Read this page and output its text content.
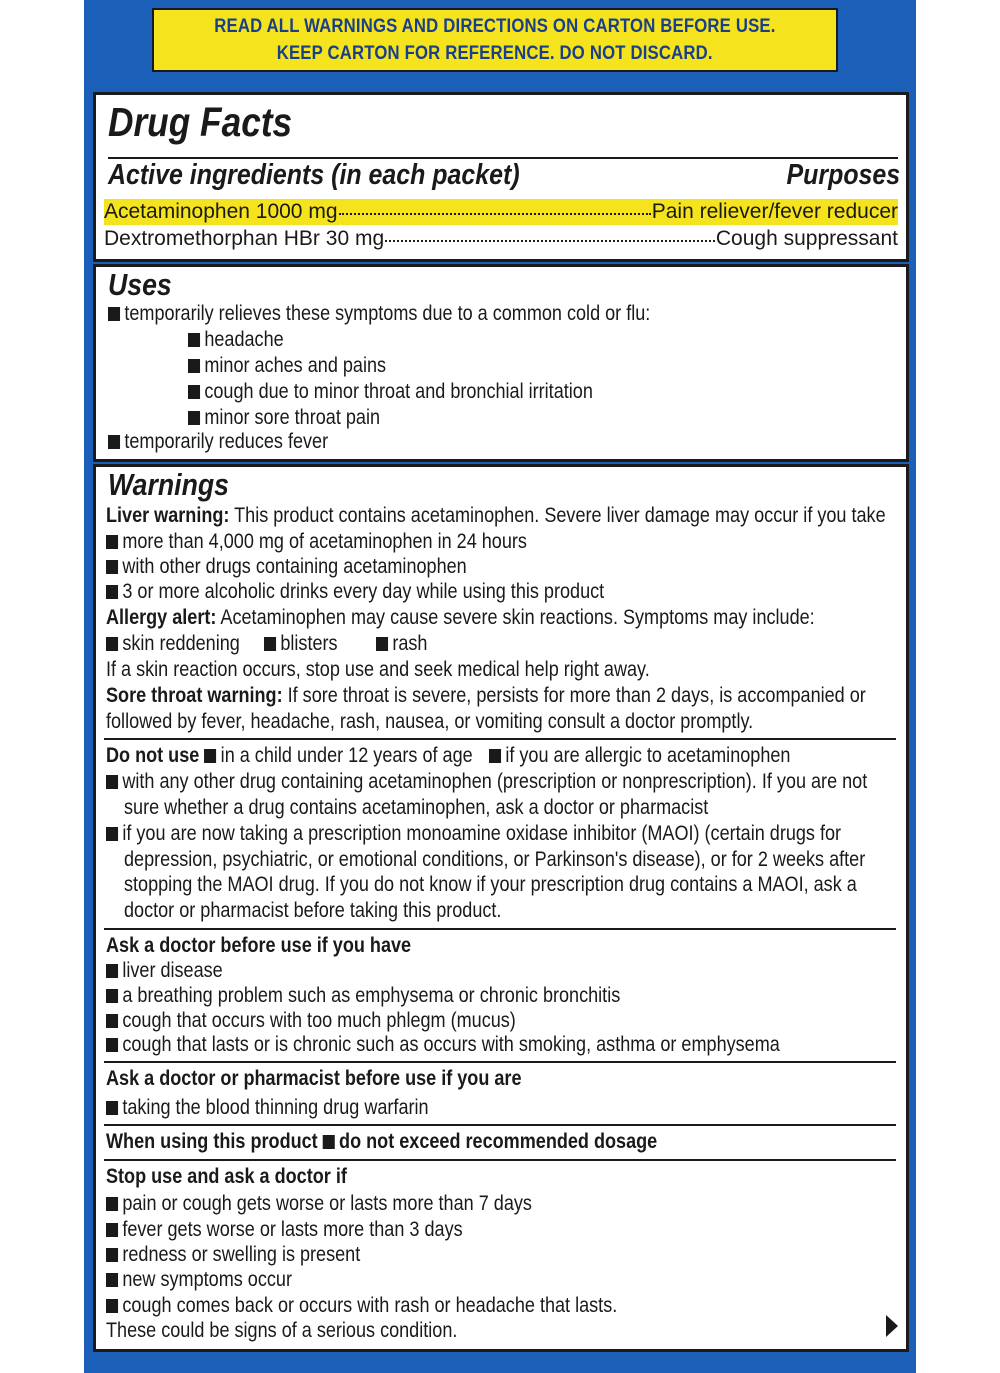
READ ALL WARNINGS AND DIRECTIONS ON CARTON BEFORE USE.
KEEP CARTON FOR REFERENCE. DO NOT DISCARD.
Drug Facts
Active ingredients (in each packet)	Purposes
Acetaminophen 1000 mg	Pain reliever/fever reducer
Dextromethorphan HBr 30 mg	Cough suppressant
Uses
temporarily relieves these symptoms due to a common cold or flu:
headache
minor aches and pains
cough due to minor throat and bronchial irritation
minor sore throat pain
temporarily reduces fever
Warnings
Liver warning: This product contains acetaminophen. Severe liver damage may occur if you take
more than 4,000 mg of acetaminophen in 24 hours
with other drugs containing acetaminophen
3 or more alcoholic drinks every day while using this product
Allergy alert: Acetaminophen may cause severe skin reactions. Symptoms may include:
skin reddening	blisters	rash
If a skin reaction occurs, stop use and seek medical help right away.
Sore throat warning: If sore throat is severe, persists for more than 2 days, is accompanied or
followed by fever, headache, rash, nausea, or vomiting consult a doctor promptly.
Do not use in a child under 12 years of age	if you are allergic to acetaminophen
with any other drug containing acetaminophen (prescription or nonprescription). If you are not
sure whether a drug contains acetaminophen, ask a doctor or pharmacist
if you are now taking a prescription monoamine oxidase inhibitor (MAOI) (certain drugs for
depression, psychiatric, or emotional conditions, or Parkinson's disease), or for 2 weeks after
stopping the MAOI drug. If you do not know if your prescription drug contains a MAOI, ask a
doctor or pharmacist before taking this product.
Ask a doctor before use if you have
liver disease
a breathing problem such as emphysema or chronic bronchitis
cough that occurs with too much phlegm (mucus)
cough that lasts or is chronic such as occurs with smoking, asthma or emphysema
Ask a doctor or pharmacist before use if you are
taking the blood thinning drug warfarin
When using this product do not exceed recommended dosage
Stop use and ask a doctor if
pain or cough gets worse or lasts more than 7 days
fever gets worse or lasts more than 3 days
redness or swelling is present
new symptoms occur
cough comes back or occurs with rash or headache that lasts.
These could be signs of a serious condition.
